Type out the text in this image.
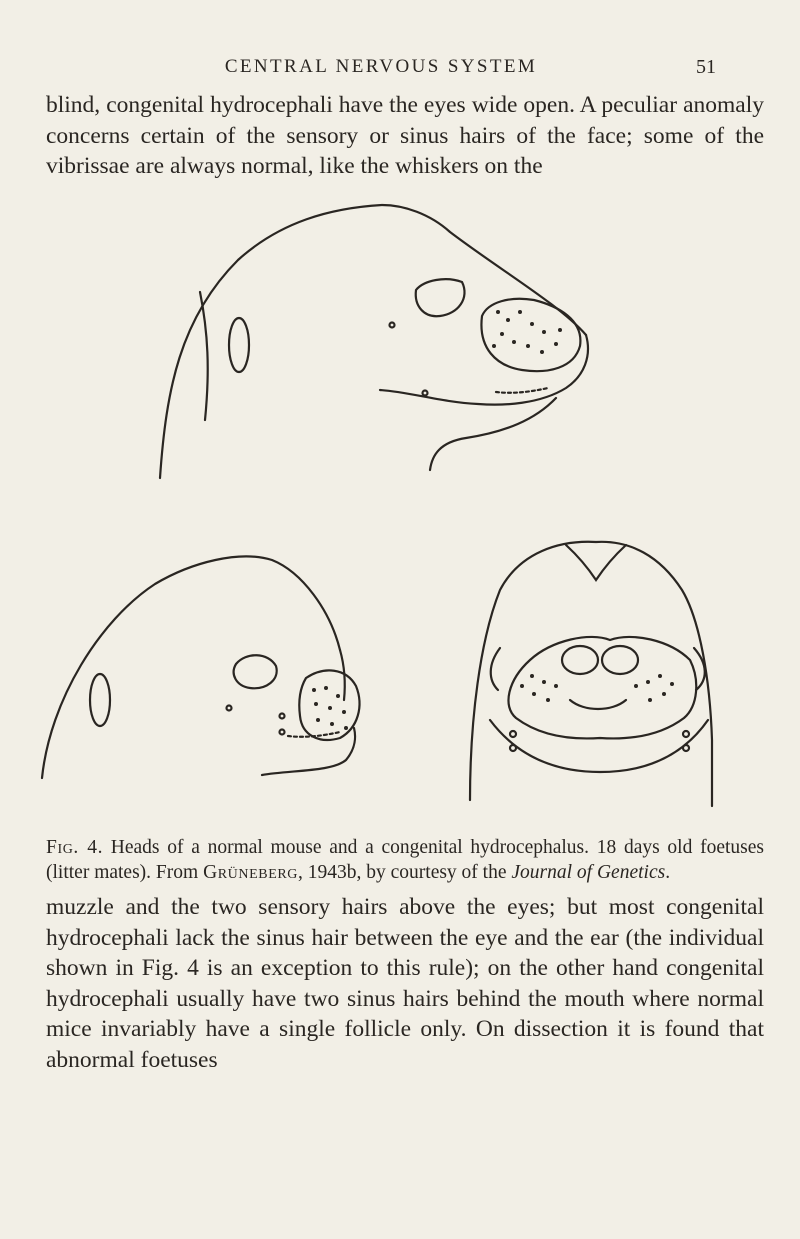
CENTRAL NERVOUS SYSTEM	51

blind, congenital hydrocephali have the eyes wide open. A peculiar anomaly concerns certain of the sensory or sinus hairs of the face; some of the vibrissae are always normal, like the whiskers on the

Fig. 4. Heads of a normal mouse and a congenital hydrocephalus. 18 days old foetuses (litter mates). From Grüneberg, 1943b, by courtesy of the Journal of Genetics.

muzzle and the two sensory hairs above the eyes; but most congenital hydrocephali lack the sinus hair between the eye and the ear (the individual shown in Fig. 4 is an exception to this rule); on the other hand congenital hydrocephali usually have two sinus hairs behind the mouth where normal mice invariably have a single follicle only. On dissection it is found that abnormal foetuses
